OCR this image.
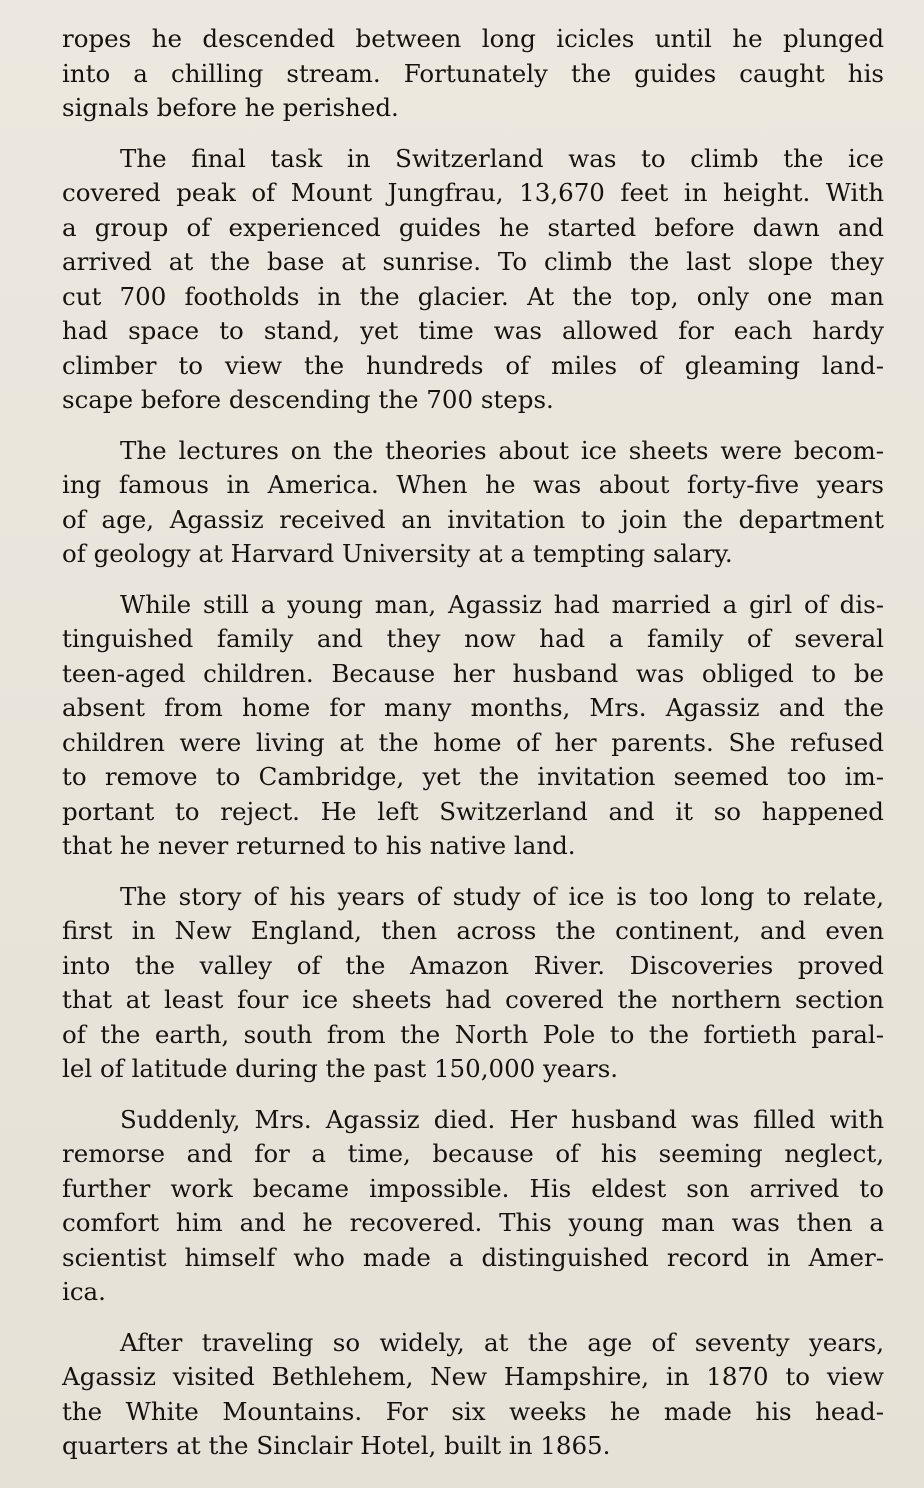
ropes he descended between long icicles until he plunged
into a chilling stream. Fortunately the guides caught his
signals before he perished.

The final task in Switzerland was to climb the ice
covered peak of Mount Jungfrau, 13,670 feet in height. With
a group of experienced guides he started before dawn and
arrived at the base at sunrise. To climb the last slope they
cut 700 footholds in the glacier. At the top, only one man
had space to stand, yet time was allowed for each hardy
climber to view the hundreds of miles of gleaming land-
scape before descending the 700 steps.

The lectures on the theories about ice sheets were becom-
ing famous in America. When he was about forty-five years
of age, Agassiz received an invitation to join the department
of geology at Harvard University at a tempting salary.

While still a young man, Agassiz had married a girl of dis-
tinguished family and they now had a family of several
teen-aged children. Because her husband was obliged to be
absent from home for many months, Mrs. Agassiz and the
children were living at the home of her parents. She refused
to remove to Cambridge, yet the invitation seemed too im-
portant to reject. He left Switzerland and it so happened
that he never returned to his native land.

The story of his years of study of ice is too long to relate,
first in New England, then across the continent, and even
into the valley of the Amazon River. Discoveries proved
that at least four ice sheets had covered the northern section
of the earth, south from the North Pole to the fortieth paral-
lel of latitude during the past 150,000 years.

Suddenly, Mrs. Agassiz died. Her husband was filled with
remorse and for a time, because of his seeming neglect,
further work became impossible. His eldest son arrived to
comfort him and he recovered. This young man was then a
scientist himself who made a distinguished record in Amer-
ica.

After traveling so widely, at the age of seventy years,
Agassiz visited Bethlehem, New Hampshire, in 1870 to view
the White Mountains. For six weeks he made his head-
quarters at the Sinclair Hotel, built in 1865.
